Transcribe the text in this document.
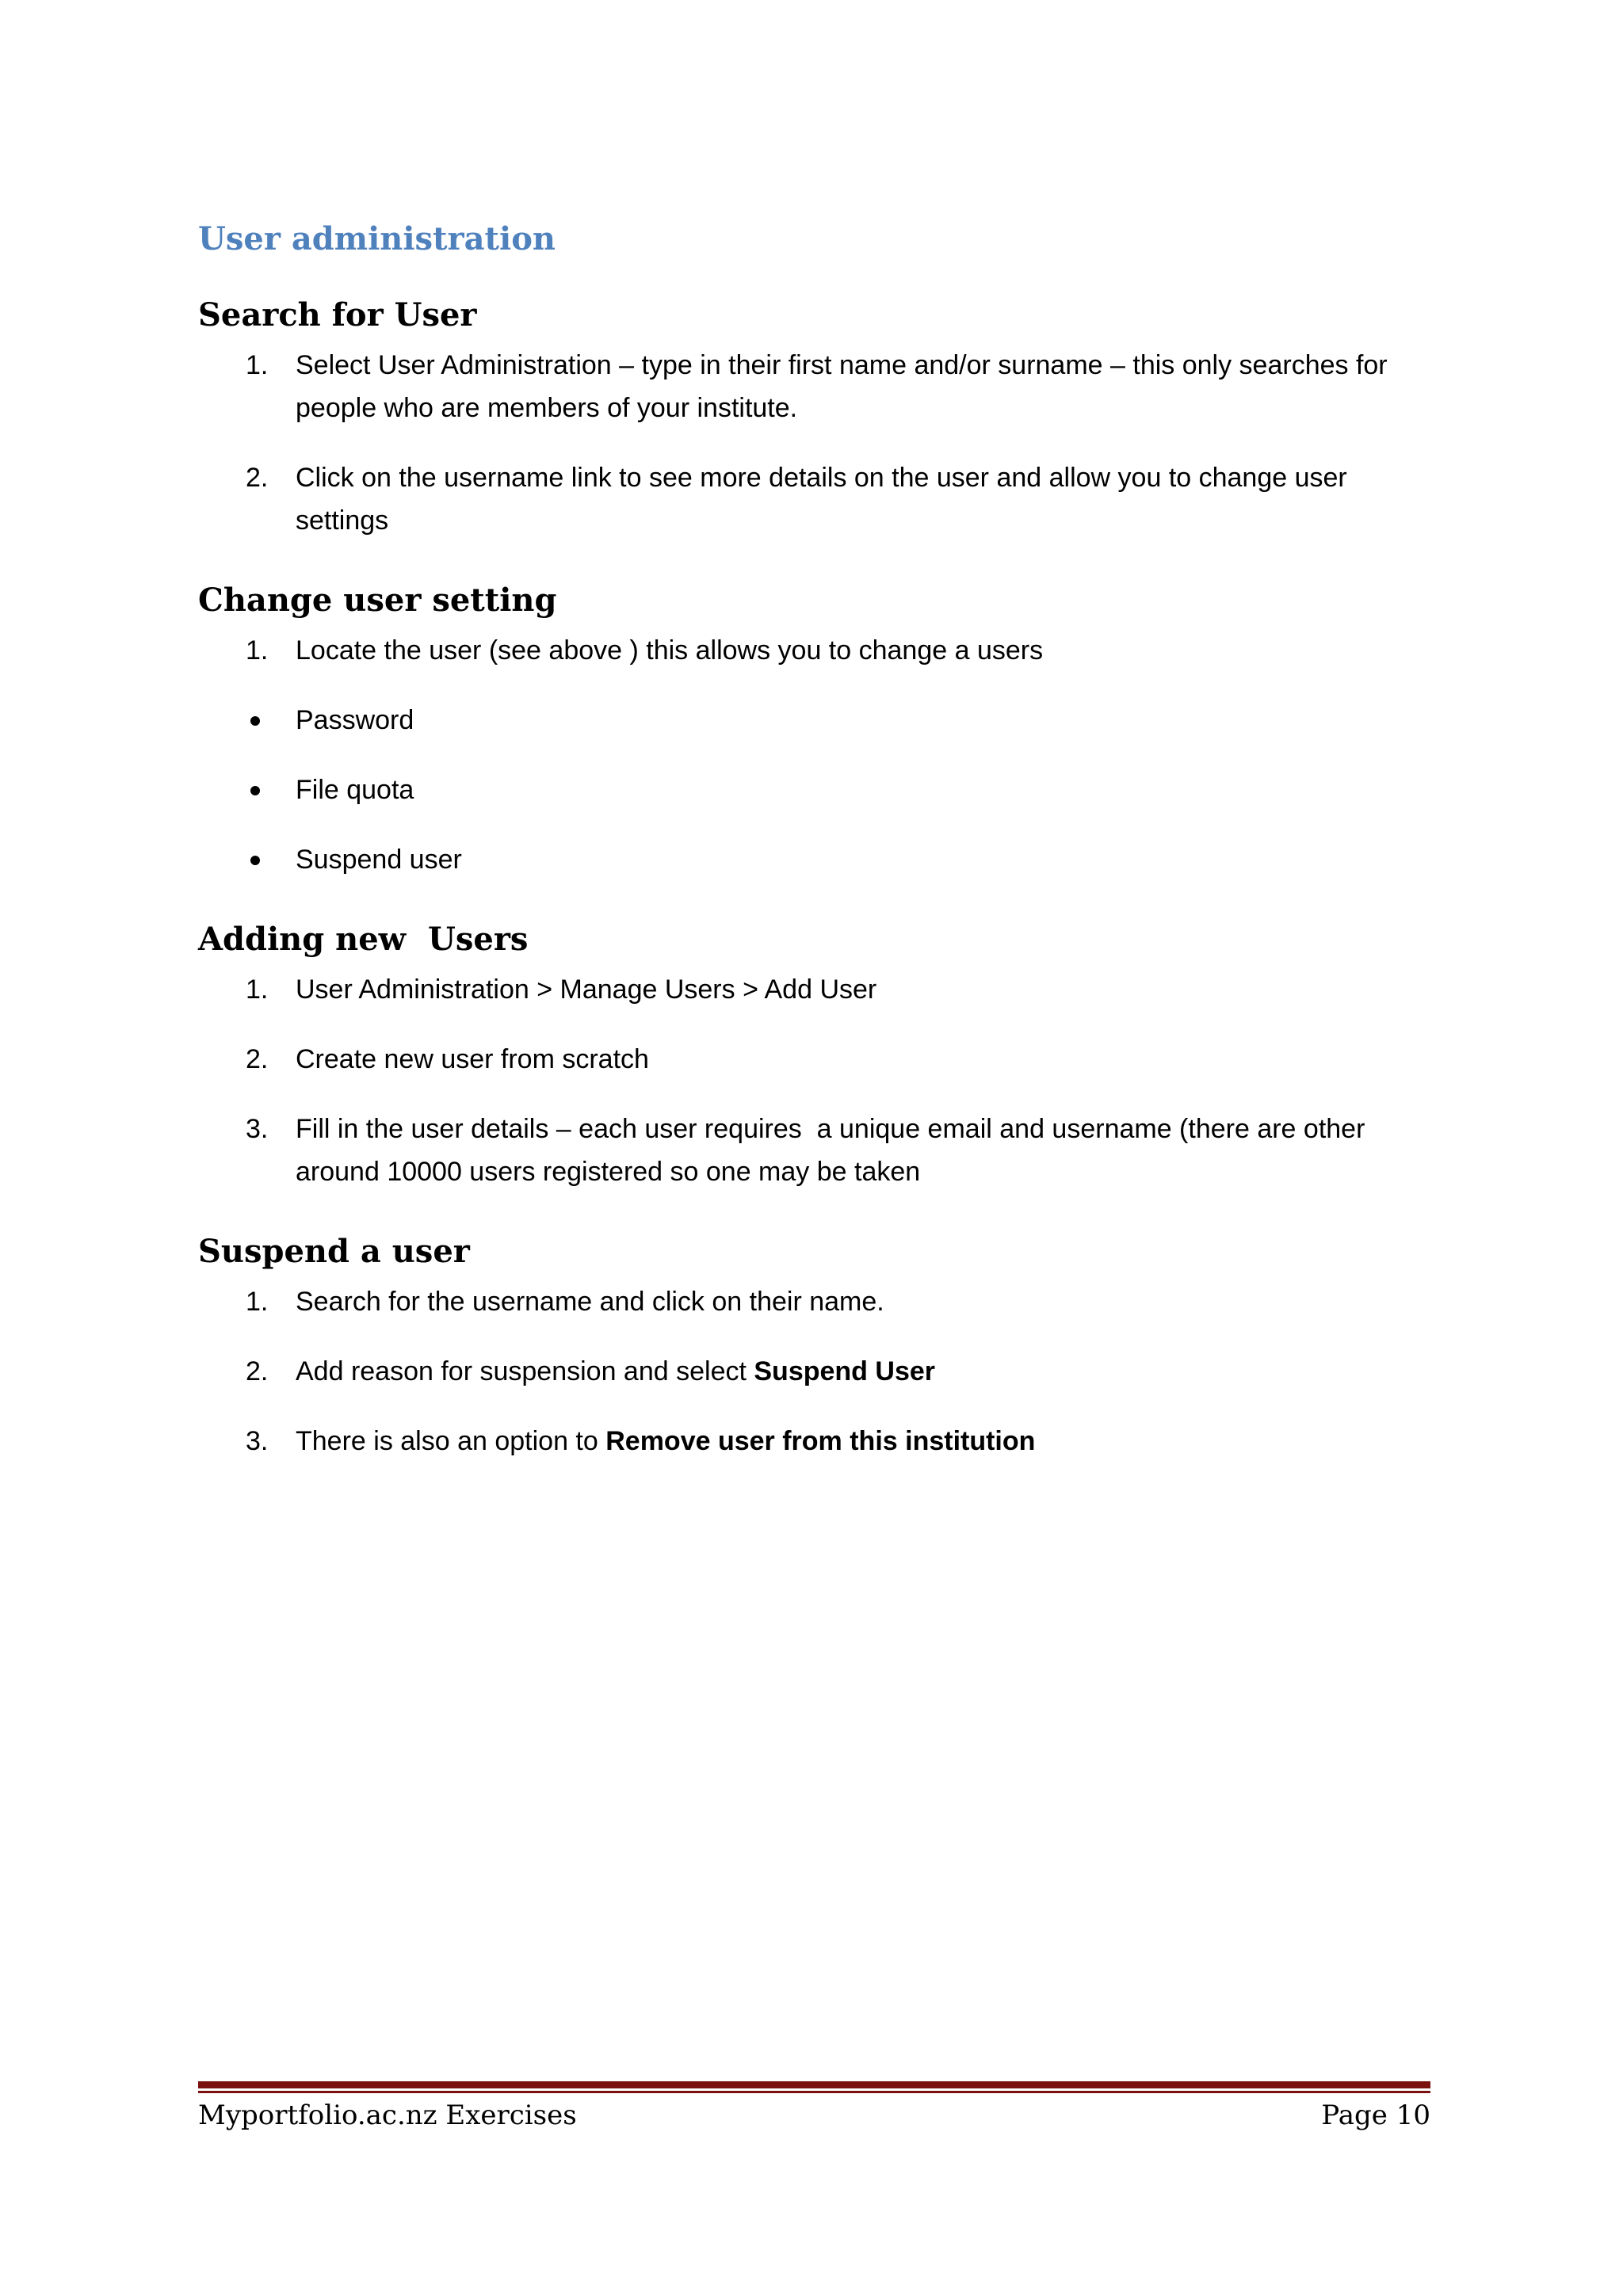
User administration
Search for User
1.	Select User Administration – type in their first name and/or surname – this only searches for people who are members of your institute.
2.	Click on the username link to see more details on the user and allow you to change user settings
Change user setting
1.	Locate the user (see above ) this allows you to change a users
Password
File quota
Suspend user
Adding new  Users
1.	User Administration > Manage Users > Add User
2.	Create new user from scratch
3.	Fill in the user details – each user requires  a unique email and username (there are other around 10000 users registered so one may be taken
Suspend a user
1.	Search for the username and click on their name.
2.	Add reason for suspension and select Suspend User
3.	There is also an option to Remove user from this institution
Myportfolio.ac.nz Exercises	Page 10
